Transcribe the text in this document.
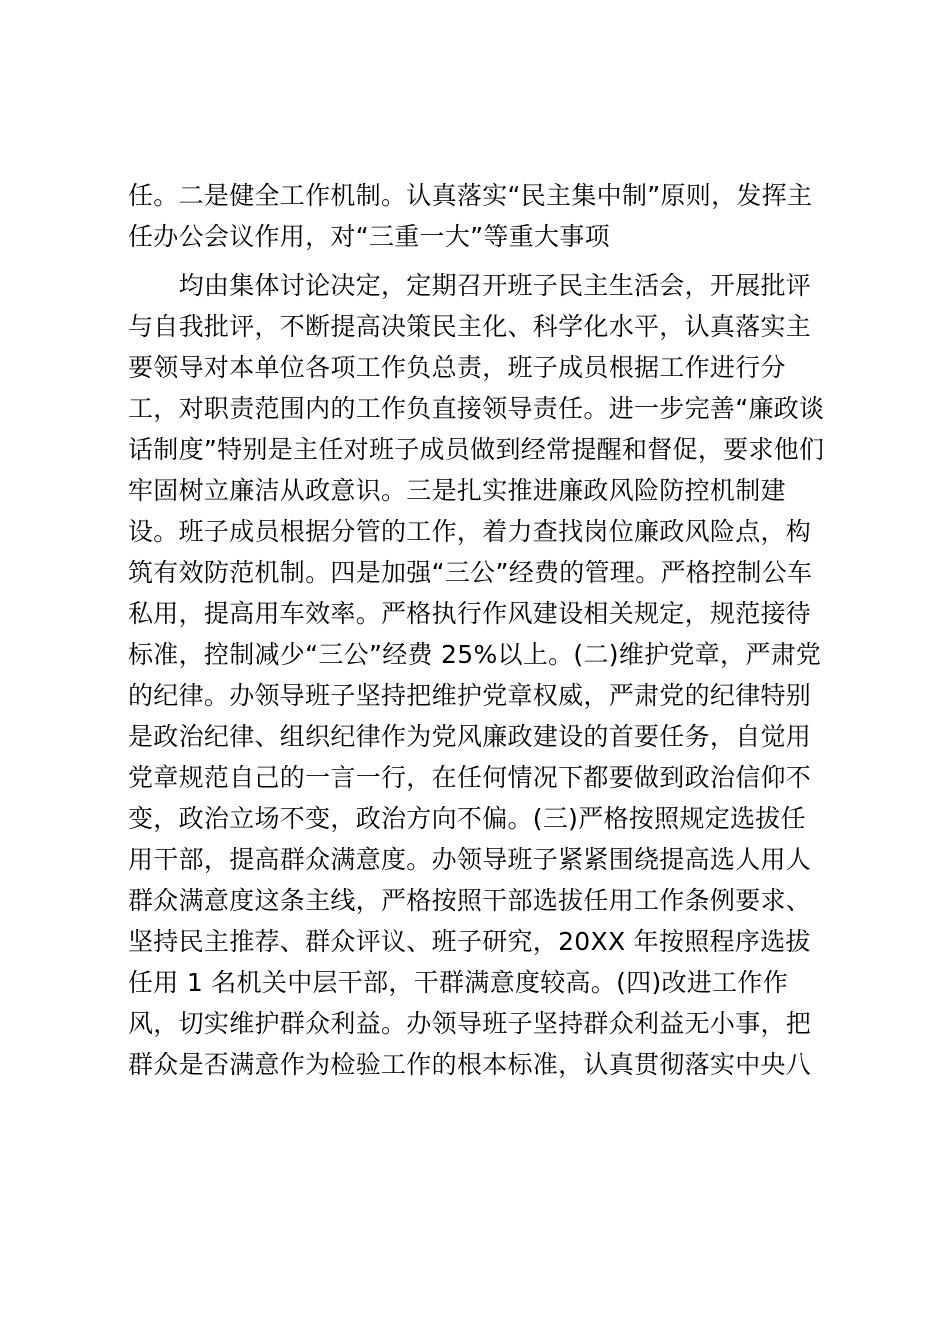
任。二是健全工作机制。认真落实“民主集中制”原则，发挥主
任办公会议作用，对“三重一大”等重大事项
　　均由集体讨论决定，定期召开班子民主生活会，开展批评
与自我批评，不断提高决策民主化、科学化水平，认真落实主
要领导对本单位各项工作负总责，班子成员根据工作进行分
工，对职责范围内的工作负直接领导责任。进一步完善“廉政谈
话制度”特别是主任对班子成员做到经常提醒和督促，要求他们
牢固树立廉洁从政意识。三是扎实推进廉政风险防控机制建
设。班子成员根据分管的工作，着力查找岗位廉政风险点，构
筑有效防范机制。四是加强“三公”经费的管理。严格控制公车
私用，提高用车效率。严格执行作风建设相关规定，规范接待
标准，控制减少“三公”经费 25%以上。(二)维护党章，严肃党
的纪律。办领导班子坚持把维护党章权威，严肃党的纪律特别
是政治纪律、组织纪律作为党风廉政建设的首要任务，自觉用
党章规范自己的一言一行，在任何情况下都要做到政治信仰不
变，政治立场不变，政治方向不偏。(三)严格按照规定选拔任
用干部，提高群众满意度。办领导班子紧紧围绕提高选人用人
群众满意度这条主线，严格按照干部选拔任用工作条例要求、
坚持民主推荐、群众评议、班子研究，20XX 年按照程序选拔
任用 1 名机关中层干部，干群满意度较高。(四)改进工作作
风，切实维护群众利益。办领导班子坚持群众利益无小事，把
群众是否满意作为检验工作的根本标准，认真贯彻落实中央八
